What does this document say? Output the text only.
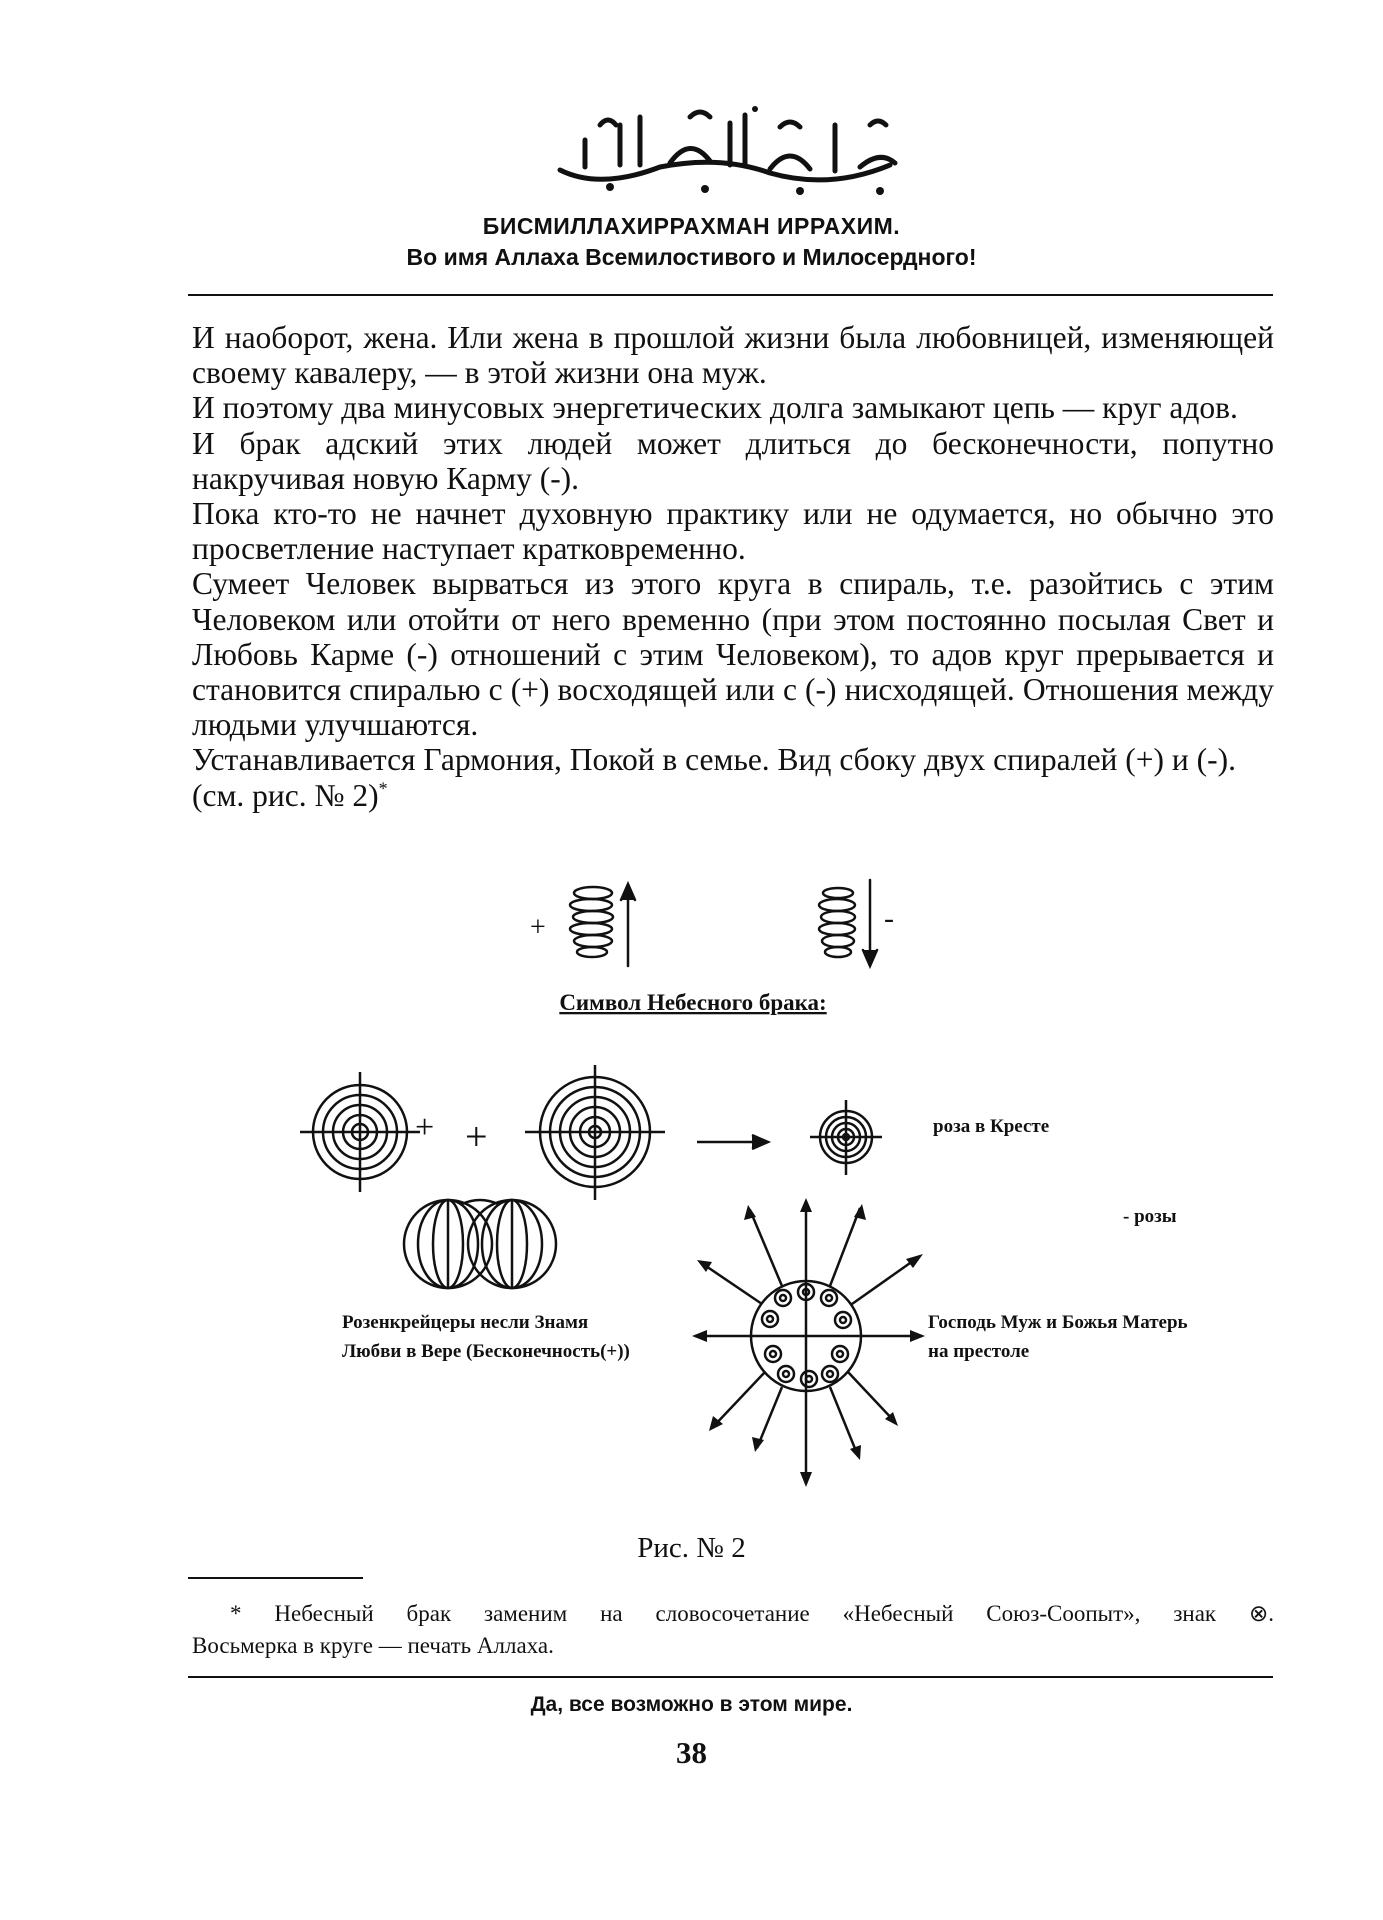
БИСМИЛЛАХИРРАХМАН ИРРАХИМ.
Во имя Аллаха Всемилостивого и Милосердного!

И наоборот, жена. Или жена в прошлой жизни была любовницей, изменяющей своему кавалеру, — в этой жизни она муж.

И поэтому два минусовых энергетических долга замыкают цепь — круг адов.

И брак адский этих людей может длиться до бесконечности, попутно накручивая новую Карму (-).

Пока кто-то не начнет духовную практику или не одумается, но обычно это просветление наступает кратковременно.

Сумеет Человек вырваться из этого круга в спираль, т.е. разойтись с этим Человеком или отойти от него временно (при этом постоянно посылая Свет и Любовь Карме (-) отношений с этим Человеком), то адов круг прерывается и становится спиралью с (+) восходящей или с (-) нисходящей. Отношения между людьми улучшаются.

Устанавливается Гармония, Покой в семье. Вид сбоку двух спиралей (+) и (-).

(см. рис. № 2)*

+	-
Символ Небесного брака:
+ +	роза в Кресте
- розы
Розенкрейцеры несли Знамя
Любви в Вере (Бесконечность(+))
Господь Муж и Божья Матерь
на престоле
Рис. № 2

* Небесный брак заменим на словосочетание «Небесный Союз-Соопыт», знак ⊗.

Восьмерка в круге — печать Аллаха.

Да, все возможно в этом мире.
38
